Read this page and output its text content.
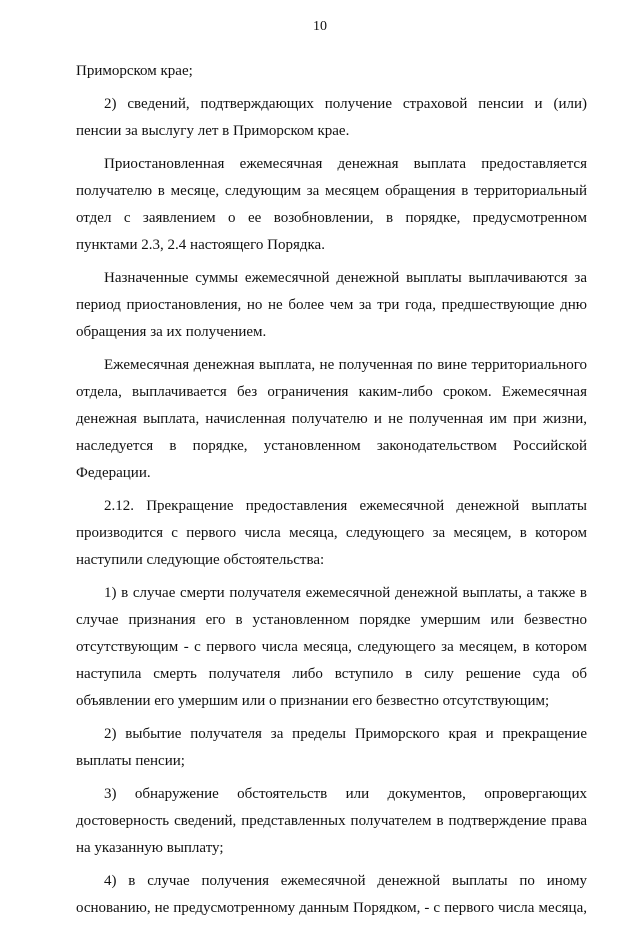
10

Приморском крае;

2) сведений, подтверждающих получение страховой пенсии и (или)
пенсии за выслугу лет в Приморском крае.

Приостановленная ежемесячная денежная выплата предоставляется
получателю в месяце, следующим за месяцем обращения в территориальный
отдел с заявлением о ее возобновлении, в порядке, предусмотренном
пунктами 2.3, 2.4 настоящего Порядка.

Назначенные суммы ежемесячной денежной выплаты выплачиваются за
период приостановления, но не более чем за три года, предшествующие дню
обращения за их получением.

Ежемесячная денежная выплата, не полученная по вине территориального
отдела, выплачивается без ограничения каким-либо сроком. Ежемесячная
денежная выплата, начисленная получателю и не полученная им при жизни,
наследуется в порядке, установленном законодательством Российской
Федерации.

2.12. Прекращение предоставления ежемесячной денежной выплаты
производится с первого числа месяца, следующего за месяцем, в котором
наступили следующие обстоятельства:

1) в случае смерти получателя ежемесячной денежной выплаты, а также в
случае признания его в установленном порядке умершим или безвестно
отсутствующим - с первого числа месяца, следующего за месяцем, в котором
наступила смерть получателя либо вступило в силу решение суда об
объявлении его умершим или о признании его безвестно отсутствующим;

2) выбытие получателя за пределы Приморского края и прекращение
выплаты пенсии;

3) обнаружение обстоятельств или документов, опровергающих
достоверность сведений, представленных получателем в подтверждение права
на указанную выплату;

4) в случае получения ежемесячной денежной выплаты по иному
основанию, не предусмотренному данным Порядком, - с первого числа месяца,
